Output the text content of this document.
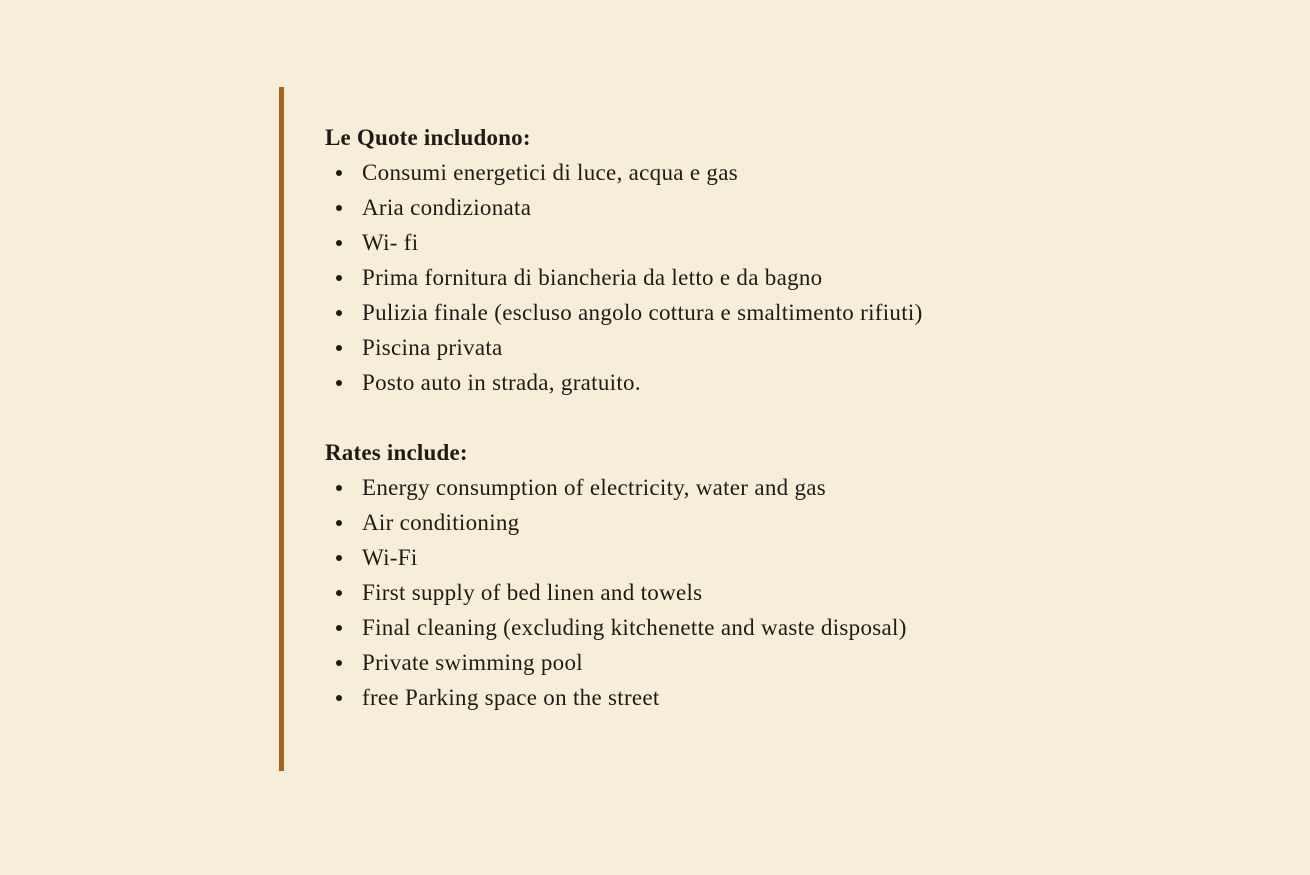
Le Quote includono:

Consumi energetici di luce, acqua e gas
Aria condizionata
Wi- fi
Prima fornitura di biancheria da letto e da bagno
Pulizia finale (escluso angolo cottura e smaltimento rifiuti)
Piscina privata
Posto auto in strada, gratuito.

Rates include:

Energy consumption of electricity, water and gas
Air conditioning
Wi-Fi
First supply of bed linen and towels
Final cleaning (excluding kitchenette and waste disposal)
Private swimming pool
free Parking space on the street
